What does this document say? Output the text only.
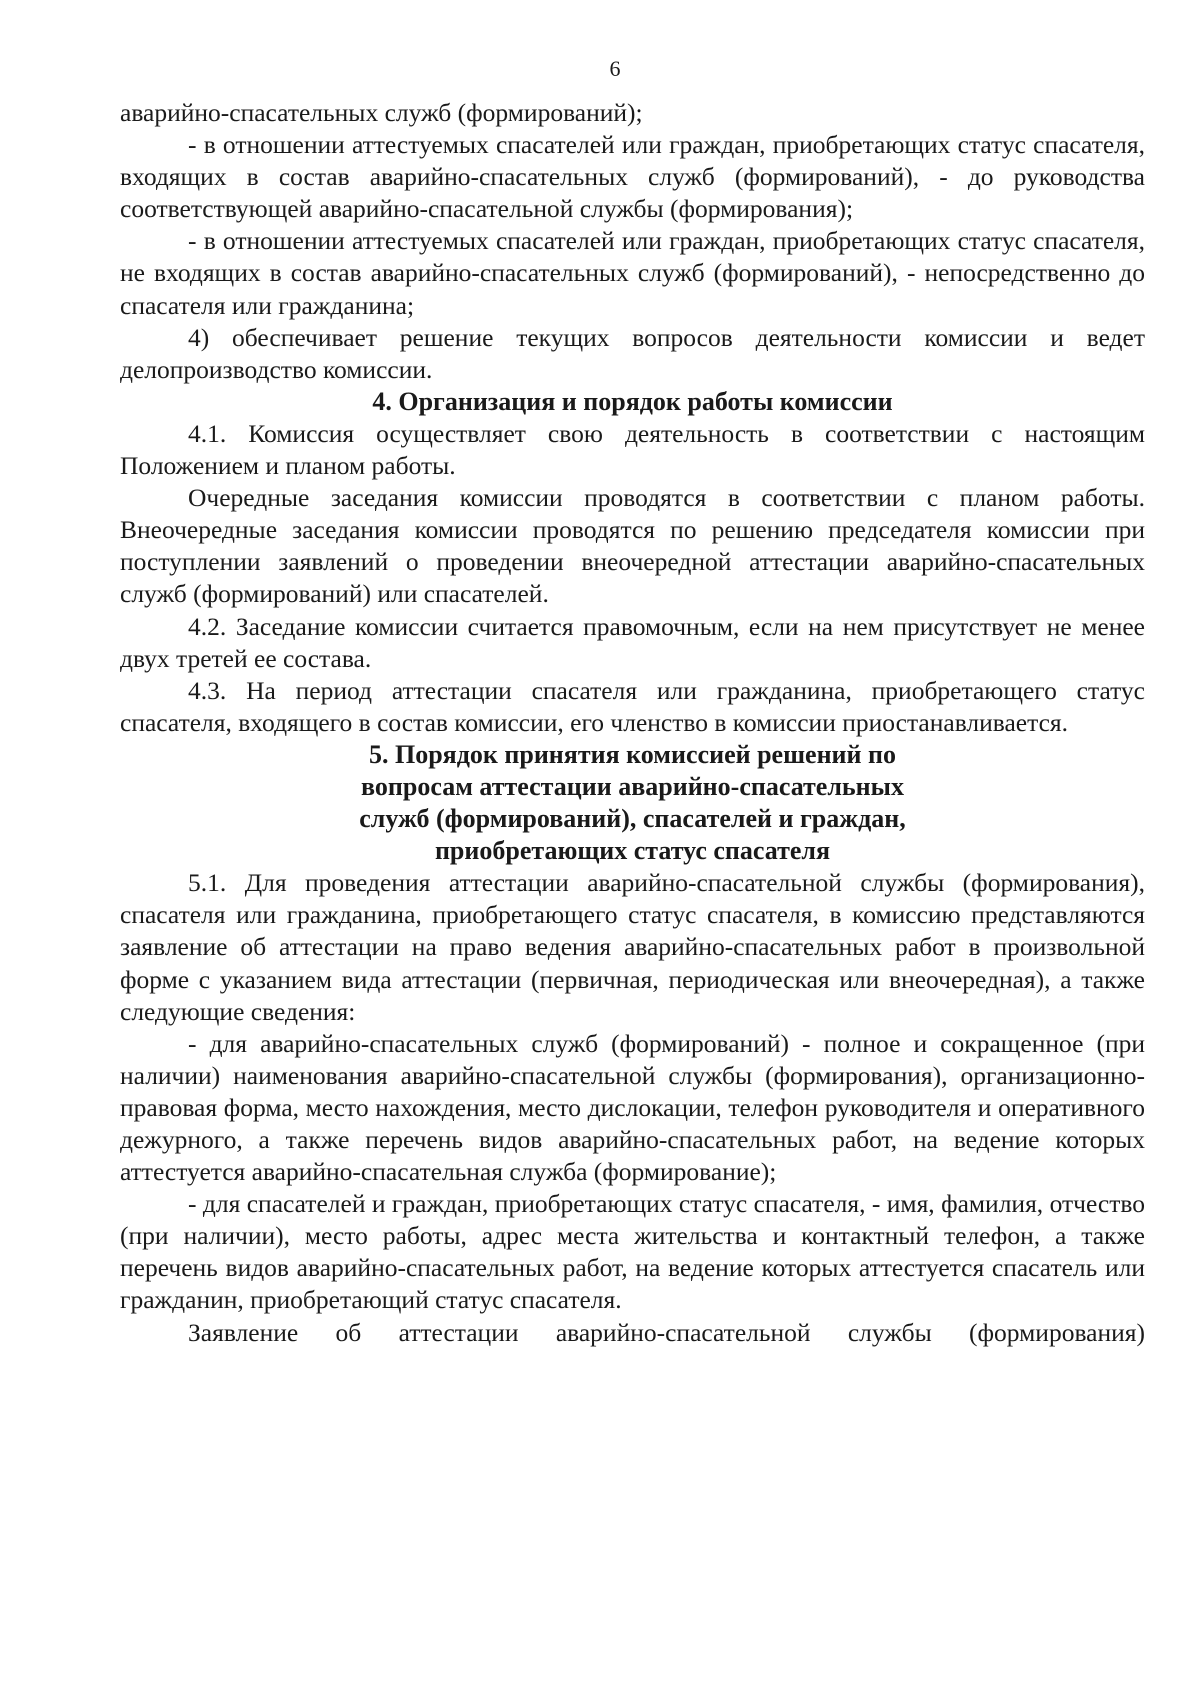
6

аварийно-спасательных служб (формирований);

- в отношении аттестуемых спасателей или граждан, приобретающих статус спасателя, входящих в состав аварийно-спасательных служб (формирований), - до руководства соответствующей аварийно-спасательной службы (формирования);

- в отношении аттестуемых спасателей или граждан, приобретающих статус спасателя, не входящих в состав аварийно-спасательных служб (формирований), - непосредственно до спасателя или гражданина;

4) обеспечивает решение текущих вопросов деятельности комиссии и ведет делопроизводство комиссии.

4. Организация и порядок работы комиссии

4.1. Комиссия осуществляет свою деятельность в соответствии с настоящим Положением и планом работы.

Очередные заседания комиссии проводятся в соответствии с планом работы. Внеочередные заседания комиссии проводятся по решению председателя комиссии при поступлении заявлений о проведении внеочередной аттестации аварийно-спасательных служб (формирований) или спасателей.

4.2. Заседание комиссии считается правомочным, если на нем присутствует не менее двух третей ее состава.

4.3. На период аттестации спасателя или гражданина, приобретающего статус спасателя, входящего в состав комиссии, его членство в комиссии приостанавливается.

5. Порядок принятия комиссией решений по
вопросам аттестации аварийно-спасательных
служб (формирований), спасателей и граждан,
приобретающих статус спасателя

5.1. Для проведения аттестации аварийно-спасательной службы (формирования), спасателя или гражданина, приобретающего статус спасателя, в комиссию представляются заявление об аттестации на право ведения аварийно-спасательных работ в произвольной форме с указанием вида аттестации (первичная, периодическая или внеочередная), а также следующие сведения:

- для аварийно-спасательных служб (формирований) - полное и сокращенное (при наличии) наименования аварийно-спасательной службы (формирования), организационно-правовая форма, место нахождения, место дислокации, телефон руководителя и оперативного дежурного, а также перечень видов аварийно-спасательных работ, на ведение которых аттестуется аварийно-спасательная служба (формирование);

- для спасателей и граждан, приобретающих статус спасателя, - имя, фамилия, отчество (при наличии), место работы, адрес места жительства и контактный телефон, а также перечень видов аварийно-спасательных работ, на ведение которых аттестуется спасатель или гражданин, приобретающий статус спасателя.

Заявление об аттестации аварийно-спасательной службы (формирования)
